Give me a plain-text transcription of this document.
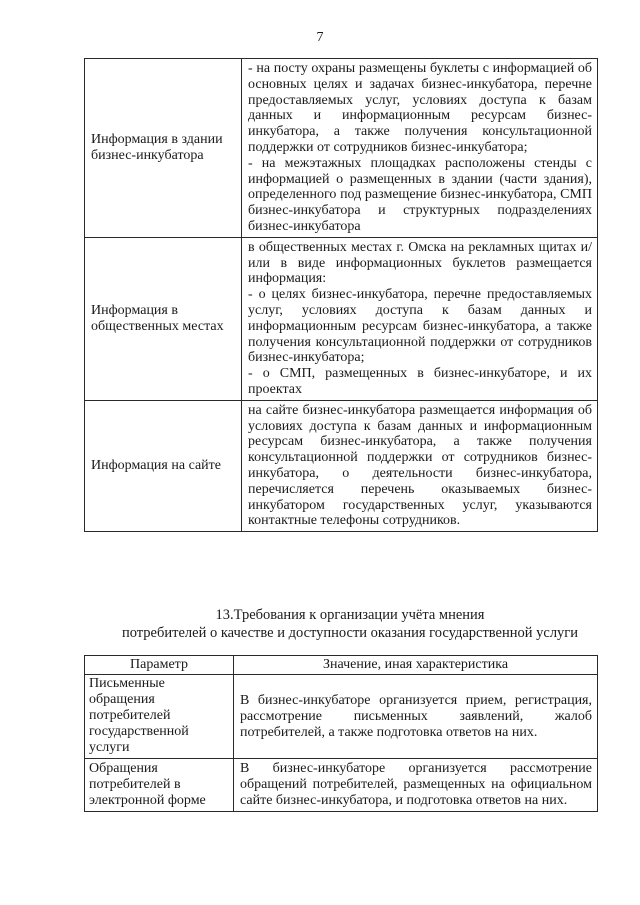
7
Информация в здании бизнес-инкубатора	- на посту охраны размещены буклеты с информацией об основных целях и задачах бизнес-инкубатора, перечне предоставляемых услуг, условиях доступа к базам данных и информационным ресурсам бизнес-инкубатора, а также получения консультационной поддержки от сотрудников бизнес-инкубатора;

- на межэтажных площадках расположены стенды с информацией о размещенных в здании (части здания), определенного под размещение бизнес-инкубатора, СМП бизнес-инкубатора и структурных подразделениях бизнес-инкубатора

Информация в общественных местах	в общественных местах г. Омска на рекламных щитах и/или в виде информационных буклетов размещается информация:

- о целях бизнес-инкубатора, перечне предоставляемых услуг, условиях доступа к базам данных и информационным ресурсам бизнес-инкубатора, а также получения консультационной поддержки от сотрудников бизнес-инкубатора;

- о СМП, размещенных в бизнес-инкубаторе, и их проектах

Информация на сайте	на сайте бизнес-инкубатора размещается информация об условиях доступа к базам данных и информационным ресурсам бизнес-инкубатора, а также получения консультационной поддержки от сотрудников бизнес-инкубатора, о деятельности бизнес-инкубатора, перечисляется перечень оказываемых бизнес-инкубатором государственных услуг, указываются контактные телефоны сотрудников.

13.Требования к организации учёта мнения
потребителей о качестве и доступности оказания государственной услуги
Параметр	Значение, иная характеристика
Письменные обращения потребителей государственной услуги	В бизнес-инкубаторе организуется прием, регистрация, рассмотрение письменных заявлений, жалоб потребителей, а также подготовка ответов на них.
Обращения потребителей в электронной форме	В бизнес-инкубаторе организуется рассмотрение обращений потребителей, размещенных на официальном сайте бизнес-инкубатора, и подготовка ответов на них.
